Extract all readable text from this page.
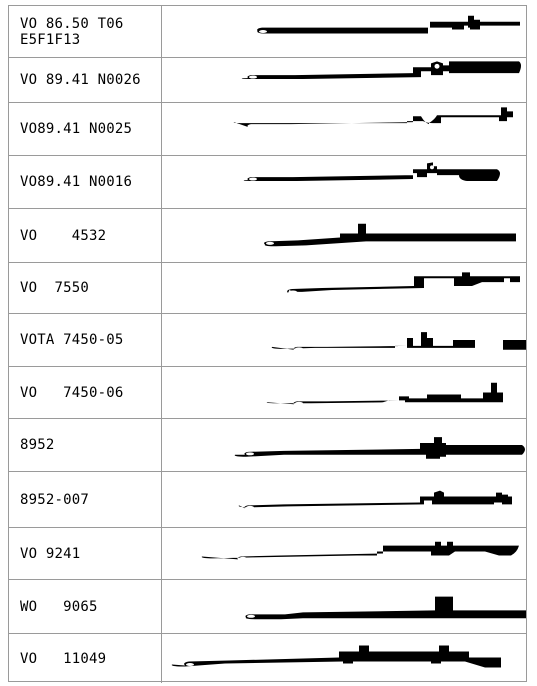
VO 86.50 T06
E5F1F13
VO 89.41 N0026
VO89.41 N0025
VO89.41 N0016
VO    4532
VO  7550
VOTA 7450-05
VO   7450-06
8952
8952-007
VO 9241
WO   9065
VO   11049
